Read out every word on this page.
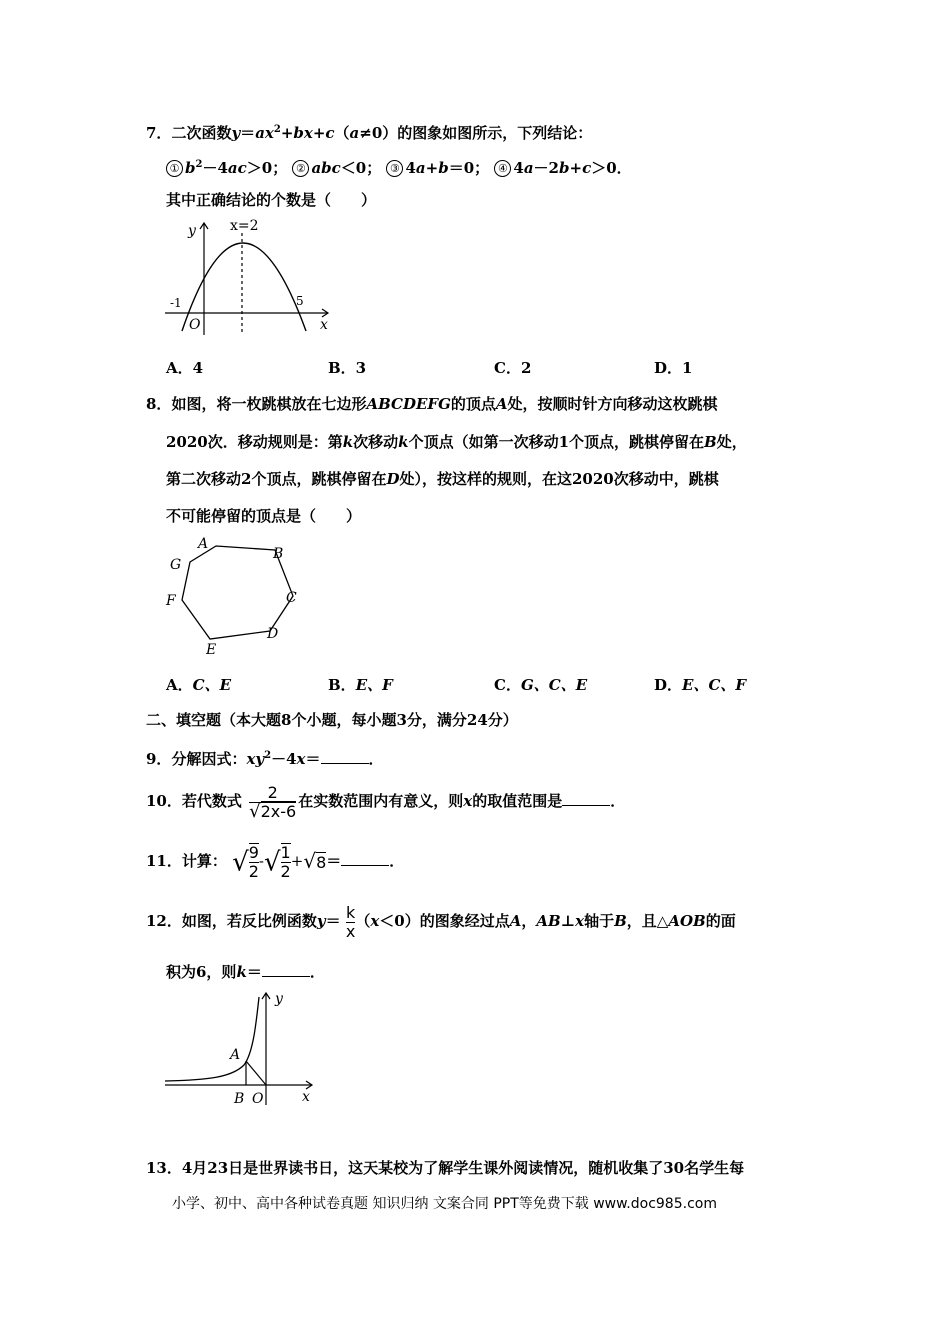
7．二次函数$y=ax^2+bx+c(a\ne 0)$的图象如图所示，下列结论：
① $b^2-4ac>0$； ② abc＜0； ③ 4a+b＝0； ④ 4a－2b+c＞0．
其中正确结论的个数是（　　）
y
x
x=2
-1
O
5
A．4	B．3	C．2	D．1
8．如图，将一枚跳棋放在七边形ABCDEFG的顶点A处，按顺时针方向移动这枚跳棋
2020次．移动规则是：第k次移动k个顶点（如第一次移动1个顶点，跳棋停留在B处，
第二次移动2个顶点，跳棋停留在D处），按这样的规则，在这2020次移动中，跳棋
不可能停留的顶点是（　　）
A
B
C
D
E
F
G
A．C、E	B．E、F	C．G、C、E	D．E、C、F
二、填空题（本大题8个小题，每小题3分，满分24分）
9．分解因式：$xy^2-4x=$	．
10．若代数式 $\frac{2}{√2x-6}$ 在实数范围内有意义，则x的取值范围是	．
11．计算： √ $\frac{9}{2}$ -√ $\frac{1}{2} +√8=$	．
12．如图，若反比例函数$y= \frac{k}{x} (x<0)$的图象经过点A，AB⊥x轴于B，且△AOB的面
积为6，则k＝	．
y
x
A
B O
13．4月23日是世界读书日，这天某校为了解学生课外阅读情况，随机收集了30名学生每
小学、初中、高中各种试卷真题 知识归纳 文案合同 PPT等免费下载 www.doc985.com
